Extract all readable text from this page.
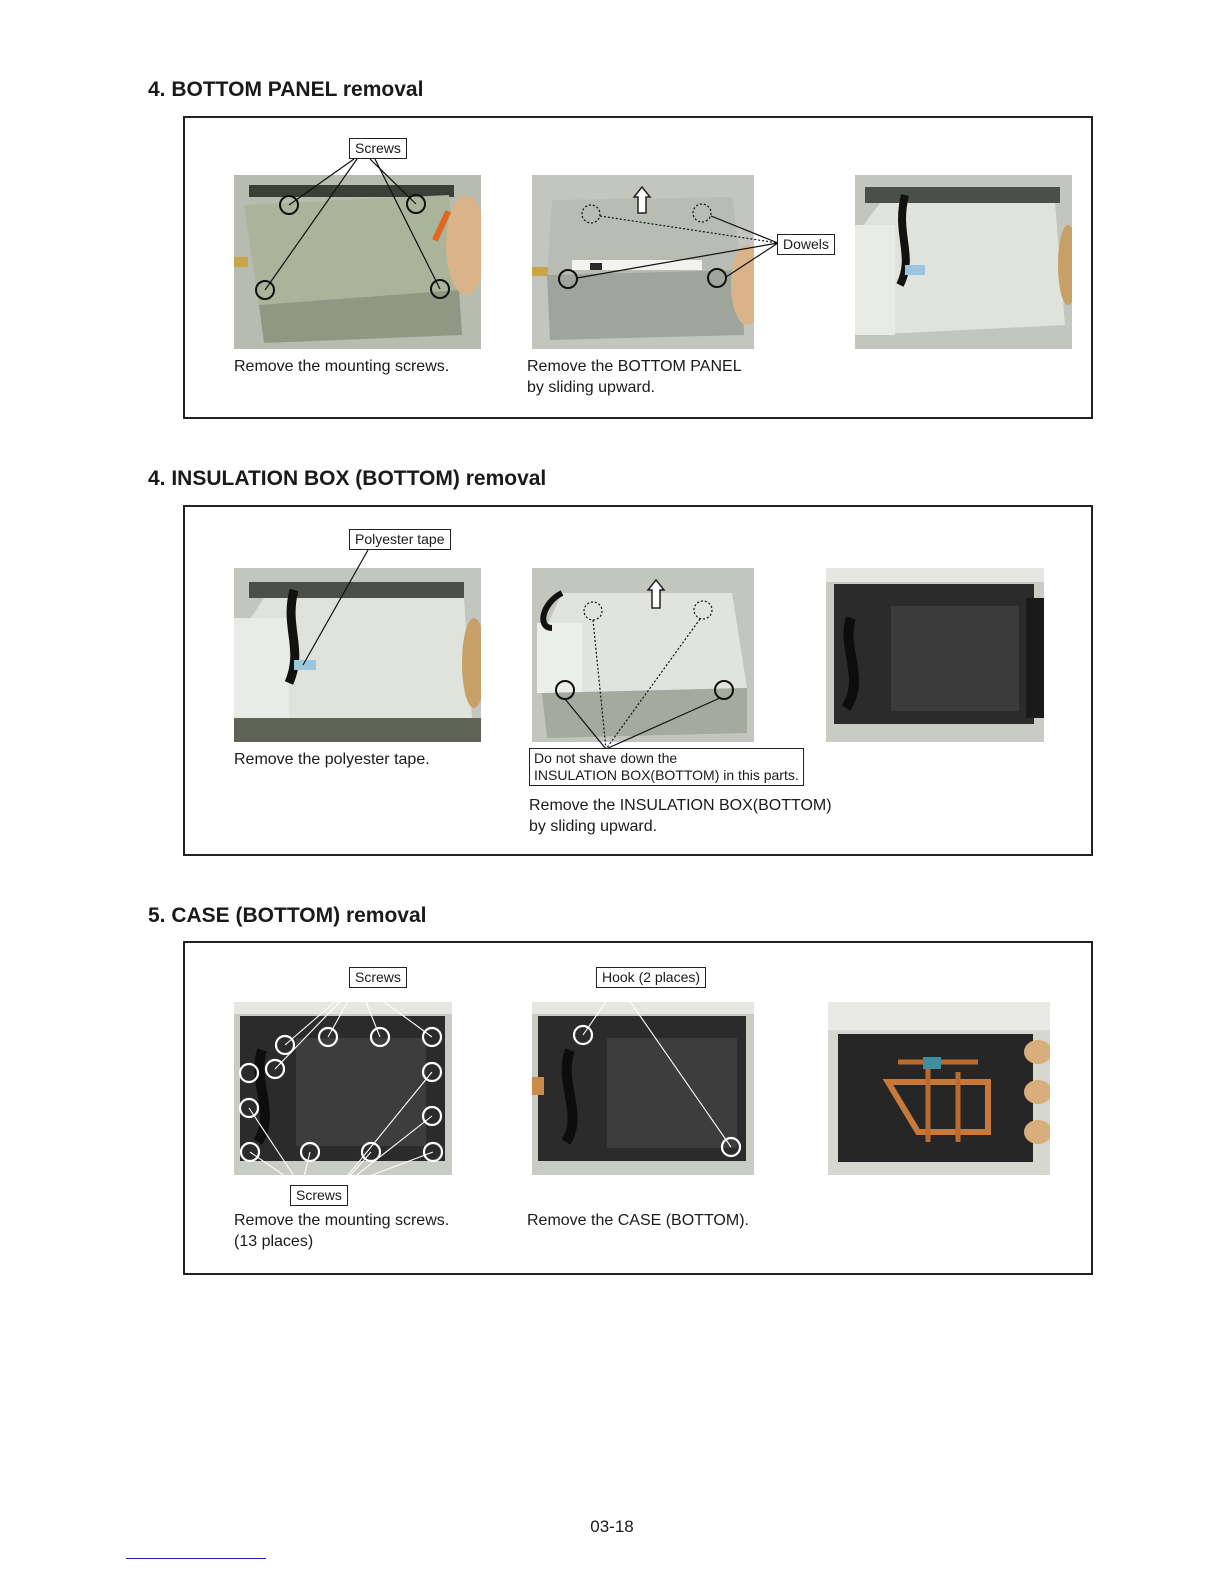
4. BOTTOM PANEL removal
Screws
Dowels

Remove the mounting screws.	Remove the BOTTOM PANEL

by sliding upward.

4. INSULATION BOX (BOTTOM) removal
Polyester tape
Do not shave down the
INSULATION BOX(BOTTOM) in this parts.

Remove the polyester tape.

Remove the INSULATION BOX(BOTTOM)

by sliding upward.

5. CASE (BOTTOM) removal
Screws	Hook (2 places)
Screws

Remove the mounting screws.

(13 places)

Remove the CASE (BOTTOM).

03-18
